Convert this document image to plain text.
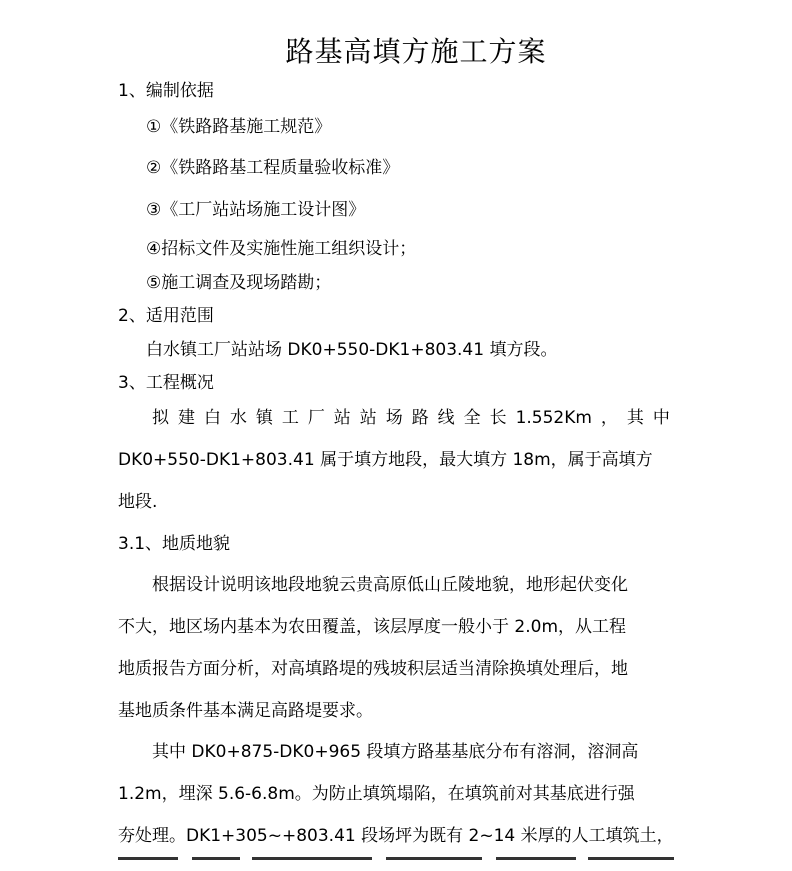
路基高填方施工方案
1、编制依据
①《铁路路基施工规范》
②《铁路路基工程质量验收标准》
③《工厂站站场施工设计图》
④招标文件及实施性施工组织设计；
⑤施工调查及现场踏勘；
2、适用范围
白水镇工厂站站场 DK0+550-DK1+803.41 填方段。
3、工程概况
拟 建 白 水 镇 工 厂 站 站 场 路 线 全 长 1.552Km ， 其 中
DK0+550-DK1+803.41 属于填方地段，最大填方 18m，属于高填方
地段.
3.1、地质地貌
根据设计说明该地段地貌云贵高原低山丘陵地貌，地形起伏变化
不大，地区场内基本为农田覆盖，该层厚度一般小于 2.0m，从工程
地质报告方面分析，对高填路堤的残坡积层适当清除换填处理后，地
基地质条件基本满足高路堤要求。
其中 DK0+875-DK0+965 段填方路基基底分布有溶洞，溶洞高
1.2m，埋深 5.6-6.8m。为防止填筑塌陷，在填筑前对其基底进行强
夯处理。DK1+305~+803.41 段场坪为既有 2~14 米厚的人工填筑土，
